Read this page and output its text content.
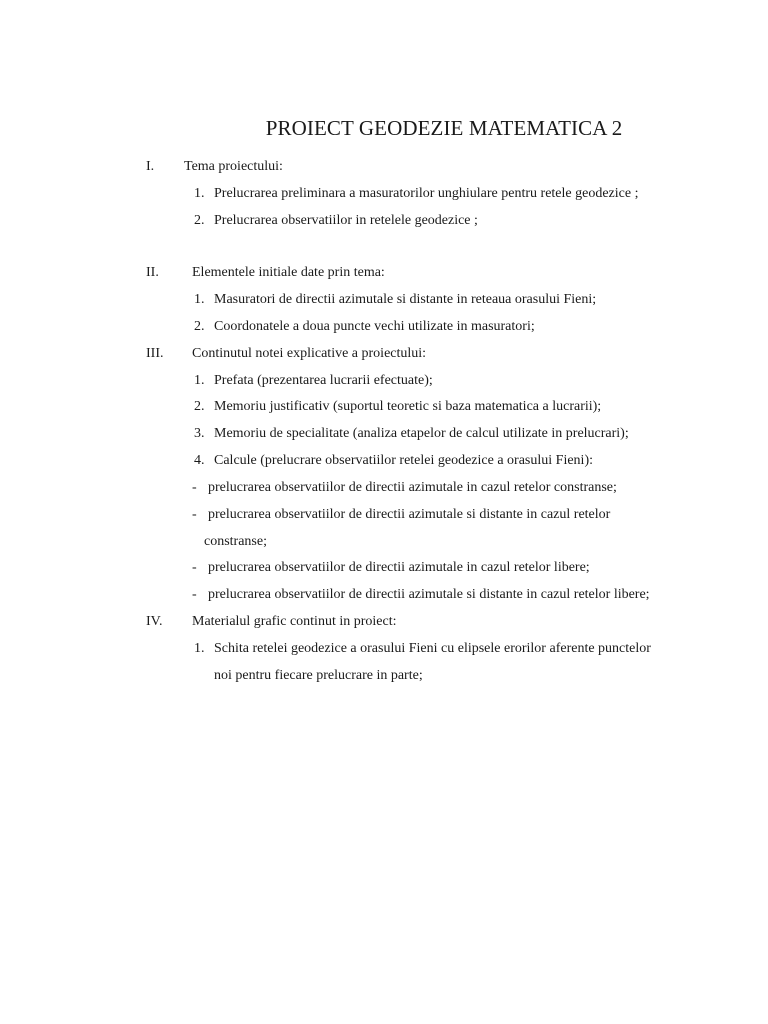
PROIECT GEODEZIE MATEMATICA 2
I. Tema proiectului:
1. Prelucrarea preliminara a masuratorilor unghiulare pentru retele geodezice ;
2. Prelucrarea observatiilor in retelele geodezice ;
II. Elementele initiale date prin tema:
1. Masuratori de directii azimutale si distante in reteaua orasului Fieni;
2. Coordonatele a doua puncte vechi utilizate in masuratori;
III. Continutul notei explicative a proiectului:
1. Prefata (prezentarea lucrarii efectuate);
2. Memoriu justificativ (suportul teoretic si baza matematica a lucrarii);
3. Memoriu de specialitate (analiza etapelor de calcul utilizate in prelucrari);
4. Calcule (prelucrare observatiilor retelei geodezice a orasului Fieni):
- prelucrarea observatiilor de directii azimutale in cazul retelor constranse;
- prelucrarea observatiilor de directii azimutale si distante in cazul retelor
constranse;
- prelucrarea observatiilor de directii azimutale in cazul retelor libere;
- prelucrarea observatiilor de directii azimutale si distante in cazul retelor libere;
IV. Materialul grafic continut in proiect:
1. Schita retelei geodezice a orasului Fieni cu elipsele erorilor aferente punctelor
noi pentru fiecare prelucrare in parte;
